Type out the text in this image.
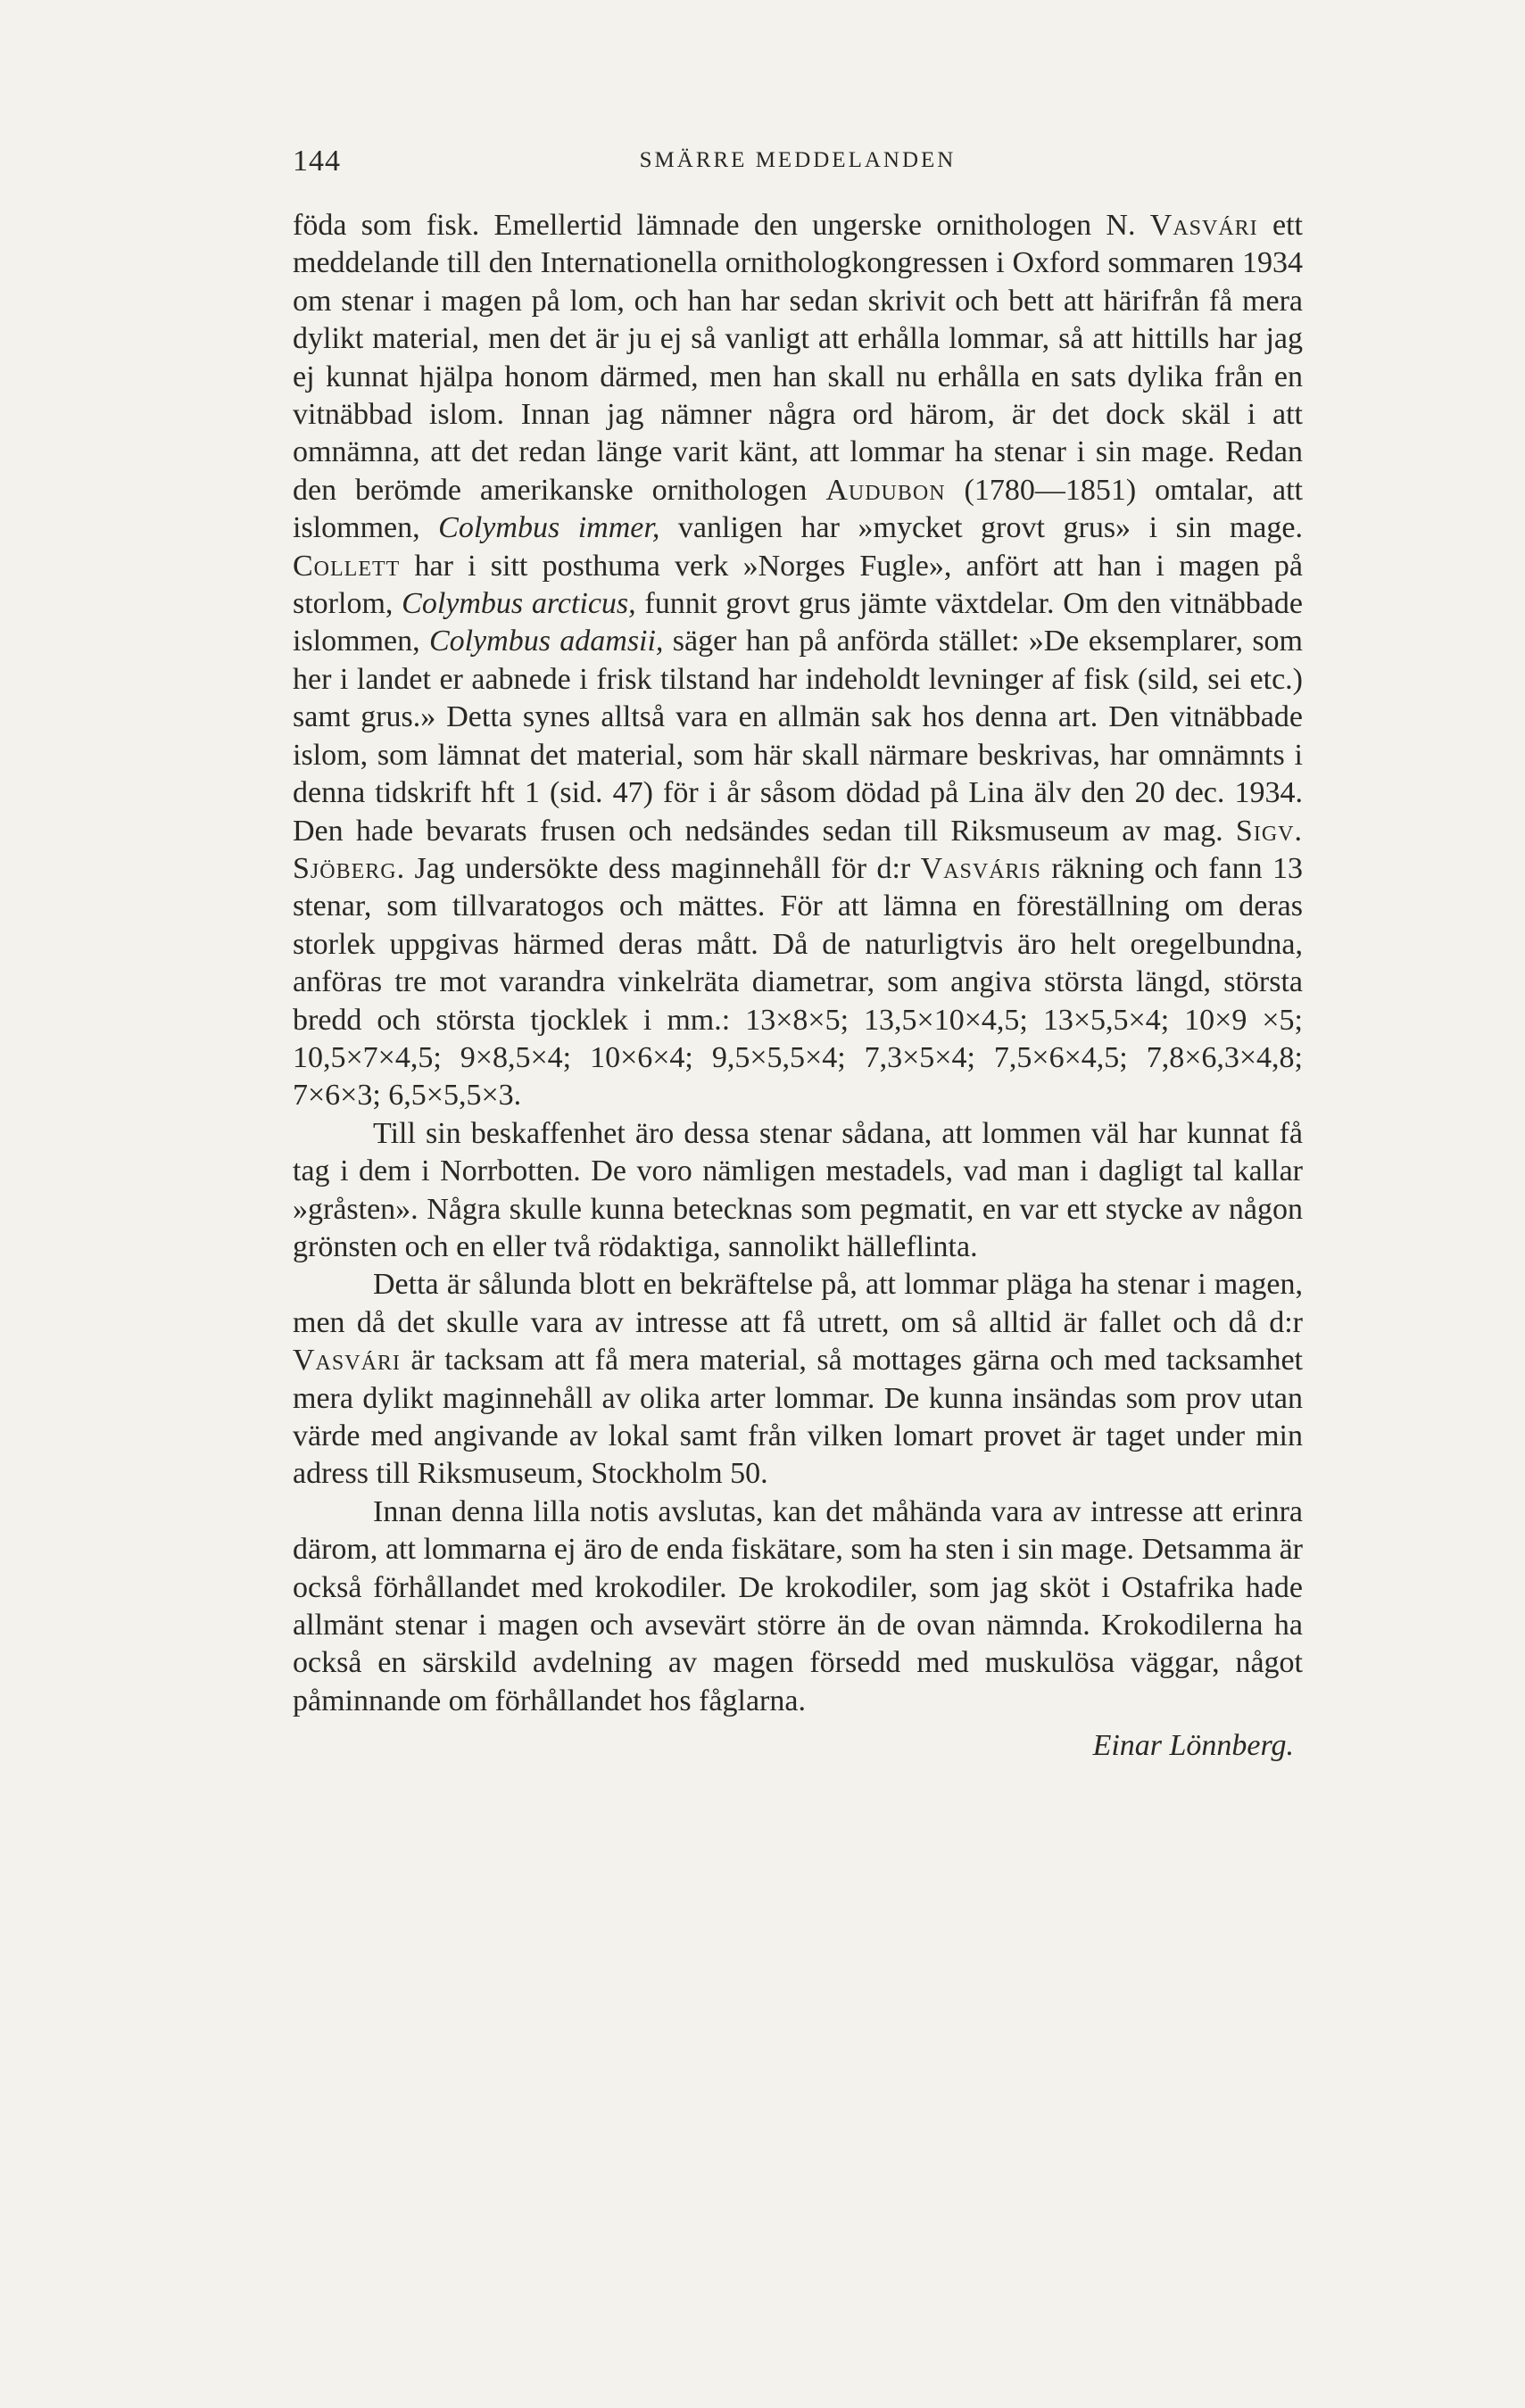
144	SMÄRRE MEDDELANDEN

föda som fisk. Emellertid lämnade den ungerske ornithologen N. Vasvári ett meddelande till den Internationella ornithologkongressen i Oxford sommaren 1934 om stenar i magen på lom, och han har sedan skrivit och bett att härifrån få mera dylikt material, men det är ju ej så vanligt att erhålla lommar, så att hittills har jag ej kunnat hjälpa honom därmed, men han skall nu erhålla en sats dylika från en vitnäbbad islom. Innan jag nämner några ord härom, är det dock skäl i att omnämna, att det redan länge varit känt, att lommar ha stenar i sin mage. Redan den berömde amerikanske ornithologen Audubon (1780—1851) omtalar, att islommen, Colymbus immer, vanligen har »mycket grovt grus» i sin mage. Collett har i sitt posthuma verk »Norges Fugle», anfört att han i magen på storlom, Colymbus arcticus, funnit grovt grus jämte växtdelar. Om den vitnäbbade islommen, Colymbus adamsii, säger han på anförda stället: »De eksemplarer, som her i landet er aabnede i frisk tilstand har indeholdt levninger af fisk (sild, sei etc.) samt grus.» Detta synes alltså vara en allmän sak hos denna art. Den vitnäbbade islom, som lämnat det material, som här skall närmare beskrivas, har omnämnts i denna tidskrift hft 1 (sid. 47) för i år såsom dödad på Lina älv den 20 dec. 1934. Den hade bevarats frusen och nedsändes sedan till Riksmuseum av mag. Sigv. Sjöberg. Jag undersökte dess maginnehåll för d:r Vasváris räkning och fann 13 stenar, som tillvaratogos och mättes. För att lämna en föreställning om deras storlek uppgivas härmed deras mått. Då de naturligtvis äro helt oregelbundna, anföras tre mot varandra vinkelräta diametrar, som angiva största längd, största bredd och största tjocklek i mm.: 13×8×5; 13,5×10×4,5; 13×5,5×4; 10×9 ×5; 10,5×7×4,5; 9×8,5×4; 10×6×4; 9,5×5,5×4; 7,3×5×4; 7,5×6×4,5; 7,8×6,3×4,8; 7×6×3; 6,5×5,5×3.

Till sin beskaffenhet äro dessa stenar sådana, att lommen väl har kunnat få tag i dem i Norrbotten. De voro nämligen mestadels, vad man i dagligt tal kallar »gråsten». Några skulle kunna betecknas som pegmatit, en var ett stycke av någon grönsten och en eller två rödaktiga, sannolikt hälleflinta.

Detta är sålunda blott en bekräftelse på, att lommar pläga ha stenar i magen, men då det skulle vara av intresse att få utrett, om så alltid är fallet och då d:r Vasvári är tacksam att få mera material, så mottages gärna och med tacksamhet mera dylikt maginnehåll av olika arter lommar. De kunna insändas som prov utan värde med angivande av lokal samt från vilken lomart provet är taget under min adress till Riksmuseum, Stockholm 50.

Innan denna lilla notis avslutas, kan det måhända vara av intresse att erinra därom, att lommarna ej äro de enda fiskätare, som ha sten i sin mage. Detsamma är också förhållandet med krokodiler. De krokodiler, som jag sköt i Ostafrika hade allmänt stenar i magen och avsevärt större än de ovan nämnda. Krokodilerna ha också en särskild avdelning av magen försedd med muskulösa väggar, något påminnande om förhållandet hos fåglarna.

Einar Lönnberg.
